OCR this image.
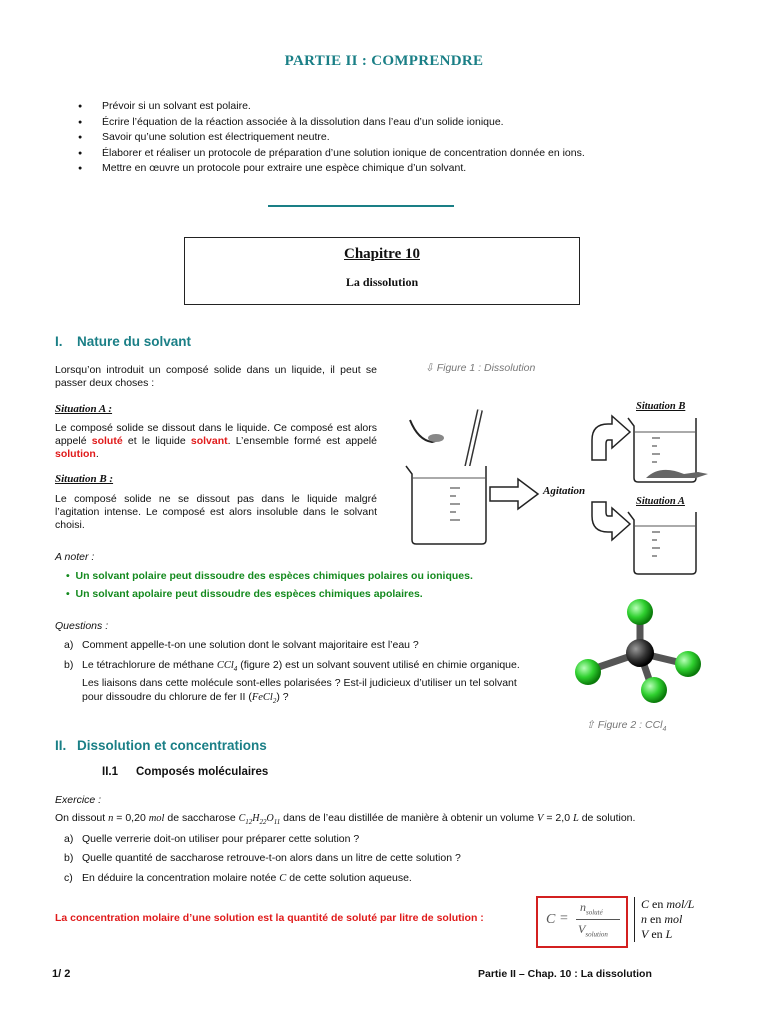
PARTIE II : COMPRENDRE
● Prévoir si un solvant est polaire.
● Écrire l’équation de la réaction associée à la dissolution dans l’eau d’un solide ionique.
● Savoir qu’une solution est électriquement neutre.
● Élaborer et réaliser un protocole de préparation d’une solution ionique de concentration donnée en ions.
● Mettre en œuvre un protocole pour extraire une espèce chimique d’un solvant.
Chapitre 10
La dissolution
I. Nature du solvant
Lorsqu’on introduit un composé solide dans un liquide, il peut se passer deux choses :
Situation A :
Le composé solide se dissout dans le liquide. Ce composé est alors appelé soluté et le liquide solvant. L’ensemble formé est appelé solution.
Situation B :
Le composé solide ne se dissout pas dans le liquide malgré l’agitation intense. Le composé est alors insoluble dans le solvant choisi.
A noter :
•  Un solvant polaire peut dissoudre des espèces chimiques polaires ou ioniques.
•  Un solvant apolaire peut dissoudre des espèces chimiques apolaires.
Questions :
a) Comment appelle-t-on une solution dont le solvant majoritaire est l’eau ?
b) Le tétrachlorure de méthane CCl$_4$ (figure 2) est un solvant souvent utilisé en chimie organique. Les liaisons dans cette molécule sont-elles polarisées ? Est-il judicieux d’utiliser un tel solvant pour dissoudre du chlorure de fer II (FeCl$_2$) ?
⇩ Figure 1 : Dissolution
Situation B
Situation A
Agitation
⇧ Figure 2 : CCl$_4$
II. Dissolution et concentrations
II.1 Composés moléculaires
Exercice :
On dissout n = 0,20 mol de saccharose $C_{12}H_{22}O_{11}$ dans de l’eau distillée de manière à obtenir un volume V = 2,0 L de solution.
a) Quelle verrerie doit-on utiliser pour préparer cette solution ?
b) Quelle quantité de saccharose retrouve-t-on alors dans un litre de cette solution ?
c) En déduire la concentration molaire notée C de cette solution aqueuse.
La concentration molaire d’une solution est la quantité de soluté par litre de solution :	C =
$n_{soluté}$
$V_{solution}$
C en mol/L
n en mol
V en L
1/ 2	Partie II – Chap. 10 : La dissolution
